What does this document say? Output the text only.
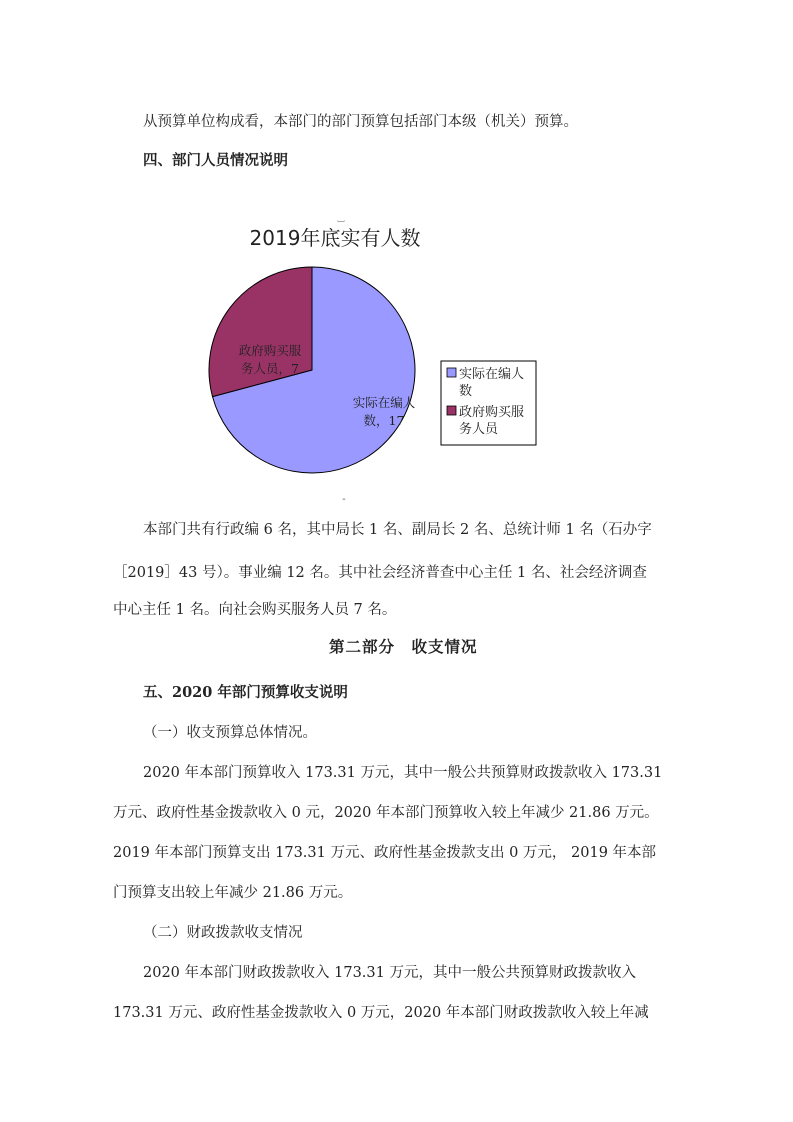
从预算单位构成看，本部门的部门预算包括部门本级（机关）预算。
四、部门人员情况说明
‿
2019年底实有人数
实际在编人数，17
政府购买服务人员，7	实际在编人数
政府购买服务人员
-
本部门共有行政编 6 名，其中局长 1 名、副局长 2 名、总统计师 1 名（石办字
［2019］43 号）。事业编 12 名。其中社会经济普查中心主任 1 名、社会经济调查
中心主任 1 名。向社会购买服务人员 7 名。
第二部分　收支情况
五、2020 年部门预算收支说明
（一）收支预算总体情况。
2020 年本部门预算收入 173.31 万元，其中一般公共预算财政拨款收入 173.31
万元、政府性基金拨款收入 0 元，2020 年本部门预算收入较上年减少 21.86 万元。
2019 年本部门预算支出 173.31 万元、政府性基金拨款支出 0 万元， 2019 年本部
门预算支出较上年减少 21.86 万元。
（二）财政拨款收支情况
2020 年本部门财政拨款收入 173.31 万元，其中一般公共预算财政拨款收入
173.31 万元、政府性基金拨款收入 0 万元，2020 年本部门财政拨款收入较上年减
